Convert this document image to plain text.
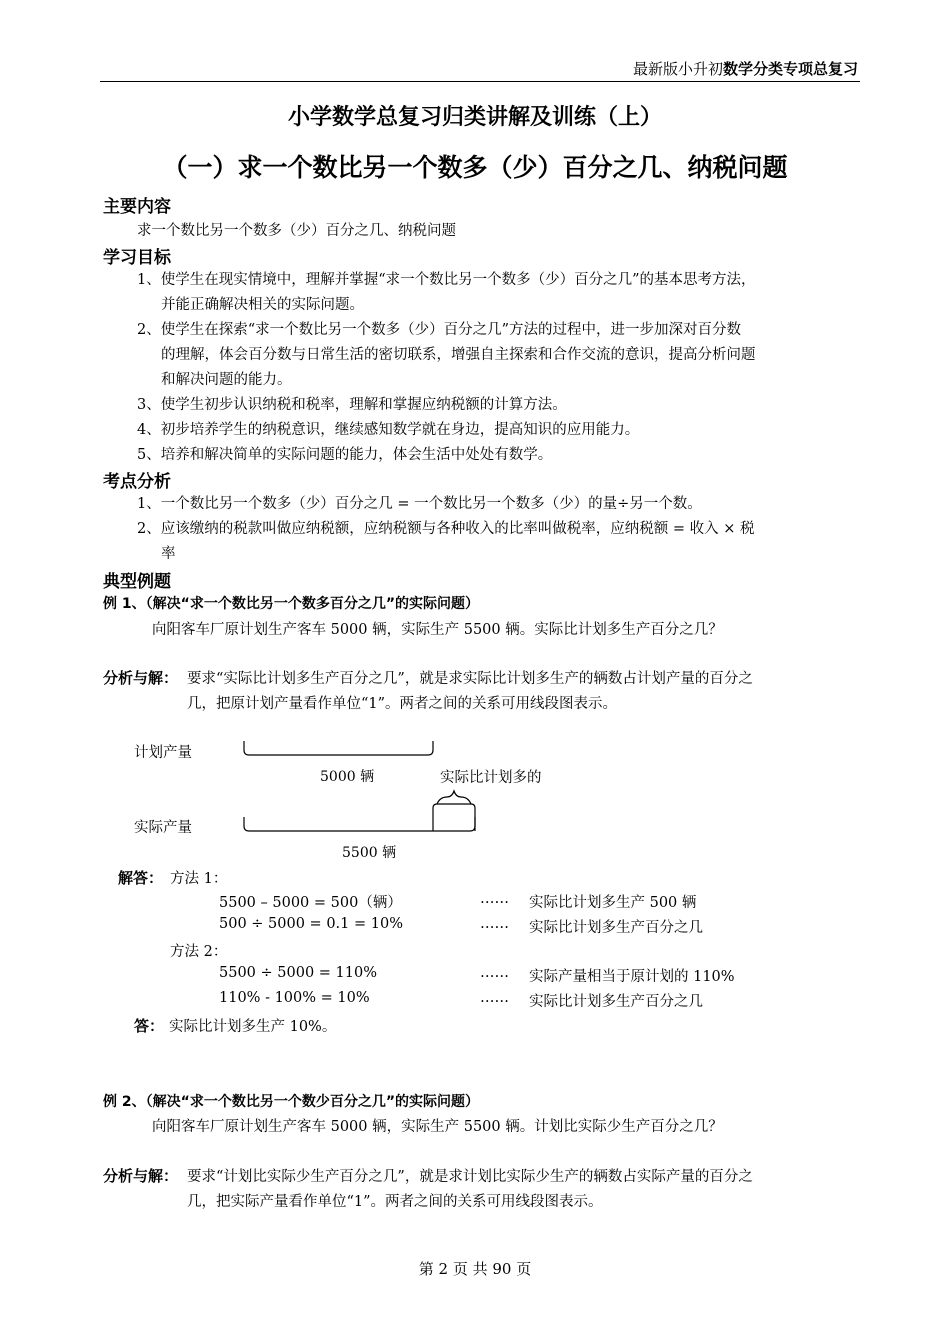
最新版小升初数学分类专项总复习
小学数学总复习归类讲解及训练（上）
（一）求一个数比另一个数多（少）百分之几、纳税问题
主要内容
求一个数比另一个数多（少）百分之几、纳税问题
学习目标
1、使学生在现实情境中，理解并掌握“求一个数比另一个数多（少）百分之几”的基本思考方法，
并能正确解决相关的实际问题。
2、使学生在探索“求一个数比另一个数多（少）百分之几”方法的过程中，进一步加深对百分数
的理解，体会百分数与日常生活的密切联系，增强自主探索和合作交流的意识，提高分析问题
和解决问题的能力。
3、使学生初步认识纳税和税率，理解和掌握应纳税额的计算方法。
4、初步培养学生的纳税意识，继续感知数学就在身边，提高知识的应用能力。
5、培养和解决简单的实际问题的能力，体会生活中处处有数学。
考点分析
1、一个数比另一个数多（少）百分之几 = 一个数比另一个数多（少）的量÷另一个数。
2、应该缴纳的税款叫做应纳税额，应纳税额与各种收入的比率叫做税率，应纳税额 = 收入 × 税
率
典型例题
例 1、（解决“求一个数比另一个数多百分之几”的实际问题）
向阳客车厂原计划生产客车 5000 辆，实际生产 5500 辆。实际比计划多生产百分之几？
分析与解： 要求“实际比计划多生产百分之几”，就是求实际比计划多生产的辆数占计划产量的百分之
几，把原计划产量看作单位“1”。两者之间的关系可用线段图表示。
计划产量
实际产量
5000 辆	实际比计划多的
5500 辆
解答： 方法 1：
5500 – 5000 = 500（辆）	…… 实际比计划多生产 500 辆
500 ÷ 5000 = 0.1 = 10%	…… 实际比计划多生产百分之几
方法 2：
5500 ÷ 5000 = 110%	…… 实际产量相当于原计划的 110%
110% - 100% = 10%	…… 实际比计划多生产百分之几
答： 实际比计划多生产 10%。
例 2、（解决“求一个数比另一个数少百分之几”的实际问题）
向阳客车厂原计划生产客车 5000 辆，实际生产 5500 辆。计划比实际少生产百分之几？
分析与解： 要求“计划比实际少生产百分之几”，就是求计划比实际少生产的辆数占实际产量的百分之
几，把实际产量看作单位“1”。两者之间的关系可用线段图表示。
第 2 页 共 90 页
